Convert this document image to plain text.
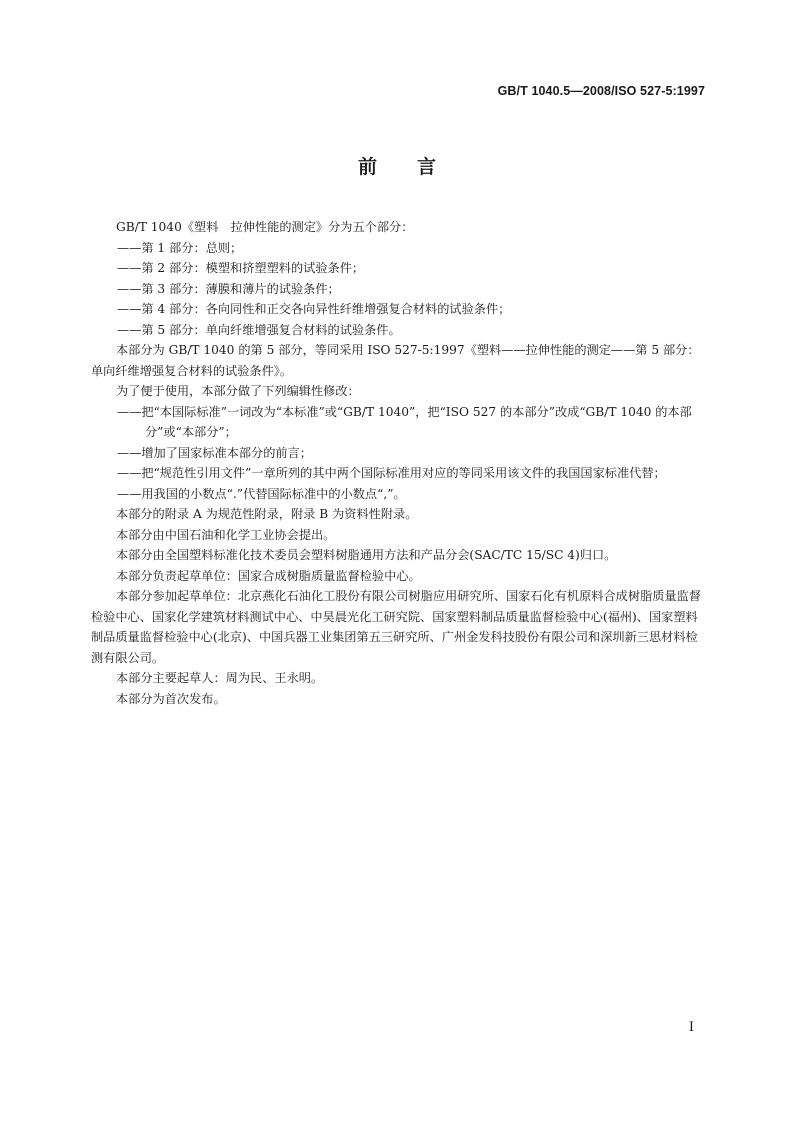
GB/T 1040.5—2008/ISO 527-5:1997
前言

GB/T 1040《塑料　拉伸性能的测定》分为五个部分：

——第 1 部分：总则；

——第 2 部分：模塑和挤塑塑料的试验条件；

——第 3 部分：薄膜和薄片的试验条件；

——第 4 部分：各向同性和正交各向异性纤维增强复合材料的试验条件；

——第 5 部分：单向纤维增强复合材料的试验条件。

本部分为 GB/T 1040 的第 5 部分，等同采用 ISO 527-5:1997《塑料——拉伸性能的测定——第 5 部分：单向纤维增强复合材料的试验条件》。

为了便于使用，本部分做了下列编辑性修改：

——把“本国际标准”一词改为“本标准”或“GB/T 1040”，把“ISO 527 的本部分”改成“GB/T 1040 的本部分”或“本部分”；

——增加了国家标准本部分的前言；

——把“规范性引用文件”一章所列的其中两个国际标准用对应的等同采用该文件的我国国家标准代替；

——用我国的小数点“.”代替国际标准中的小数点“,”。

本部分的附录 A 为规范性附录，附录 B 为资料性附录。

本部分由中国石油和化学工业协会提出。

本部分由全国塑料标准化技术委员会塑料树脂通用方法和产品分会(SAC/TC 15/SC 4)归口。

本部分负责起草单位：国家合成树脂质量监督检验中心。

本部分参加起草单位：北京燕化石油化工股份有限公司树脂应用研究所、国家石化有机原料合成树脂质量监督检验中心、国家化学建筑材料测试中心、中昊晨光化工研究院、国家塑料制品质量监督检验中心(福州)、国家塑料制品质量监督检验中心(北京)、中国兵器工业集团第五三研究所、广州金发科技股份有限公司和深圳新三思材料检测有限公司。

本部分主要起草人：周为民、王永明。

本部分为首次发布。

I
